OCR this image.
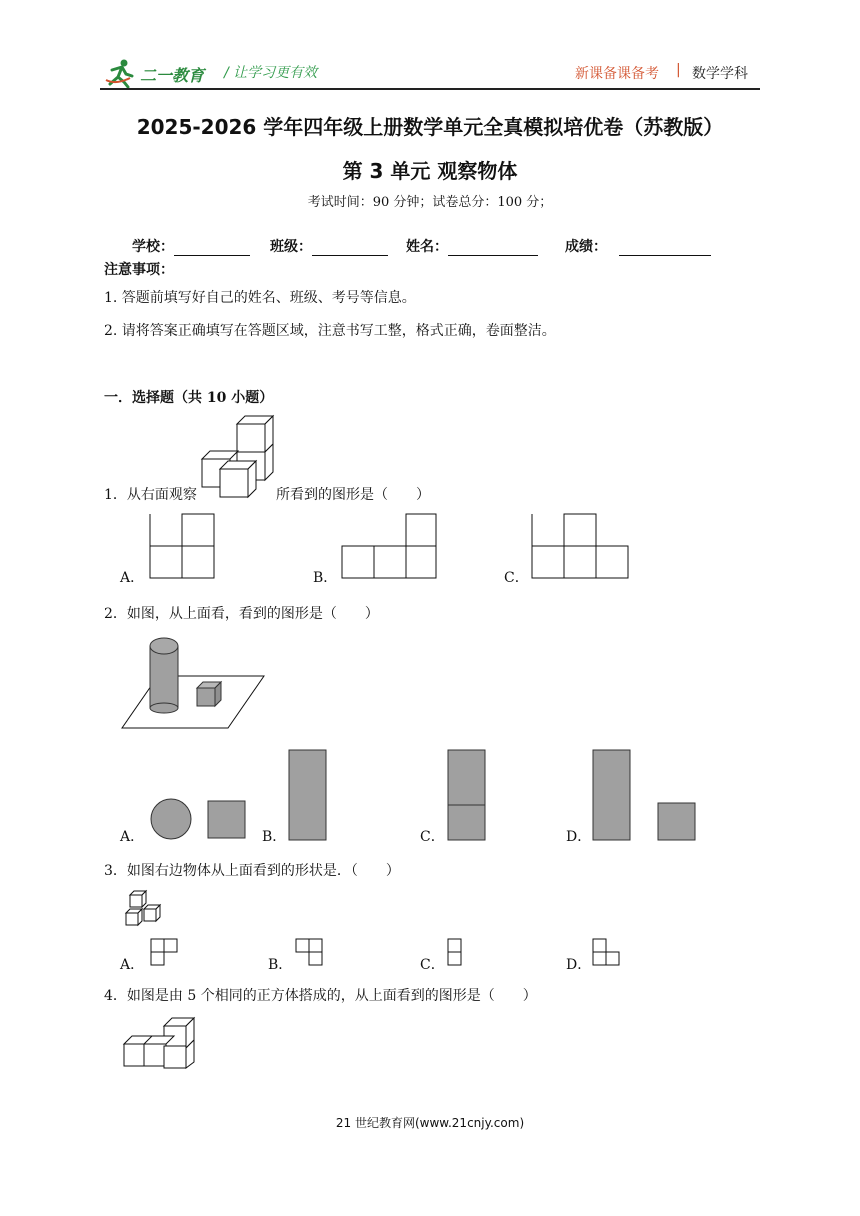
二一教育 / 让学习更有效	新课备课备考 | 数学学科
2025-2026 学年四年级上册数学单元全真模拟培优卷（苏教版）
第 3 单元 观察物体
考试时间：90 分钟；试卷总分：100 分；
学校：	班级：	姓名：	成绩：
注意事项：
1. 答题前填写好自己的姓名、班级、考号等信息。
2. 请将答案正确填写在答题区域，注意书写工整，格式正确，卷面整洁。
一．选择题（共 10 小题）
1．从右面观察	所看到的图形是（　　）
A．	B．	C．
2．如图，从上面看，看到的图形是（　　）
A．	B．	C．	D．
3．如图右边物体从上面看到的形状是．（　　）
A．	B．	C．	D．
4．如图是由 5 个相同的正方体搭成的，从上面看到的图形是（　　）
21 世纪教育网(www.21cnjy.com)
